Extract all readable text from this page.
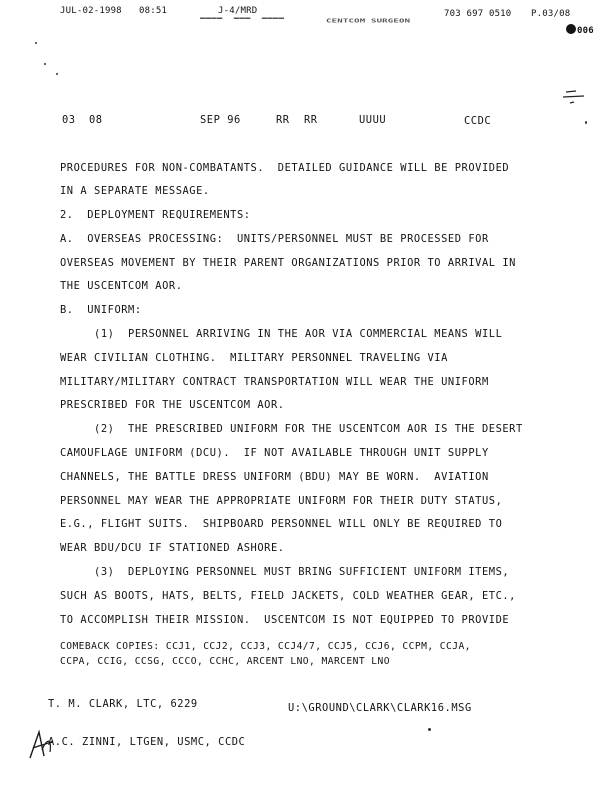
JUL-02-1998 08:51	J-4/MRD	703 697 0510 P.03/08
▬▬▬▬  ▬▬▬  ▬▬▬▬	CENTCOM SURGEON
006
03 08	SEP 96	RR RR	UUUU	CCDC
PROCEDURES FOR NON-COMBATANTS.  DETAILED GUIDANCE WILL BE PROVIDED
IN A SEPARATE MESSAGE.
2.  DEPLOYMENT REQUIREMENTS:
A.  OVERSEAS PROCESSING:  UNITS/PERSONNEL MUST BE PROCESSED FOR
OVERSEAS MOVEMENT BY THEIR PARENT ORGANIZATIONS PRIOR TO ARRIVAL IN
THE USCENTCOM AOR.
B.  UNIFORM:
(1)  PERSONNEL ARRIVING IN THE AOR VIA COMMERCIAL MEANS WILL
WEAR CIVILIAN CLOTHING.  MILITARY PERSONNEL TRAVELING VIA
MILITARY/MILITARY CONTRACT TRANSPORTATION WILL WEAR THE UNIFORM
PRESCRIBED FOR THE USCENTCOM AOR.
(2)  THE PRESCRIBED UNIFORM FOR THE USCENTCOM AOR IS THE DESERT
CAMOUFLAGE UNIFORM (DCU).  IF NOT AVAILABLE THROUGH UNIT SUPPLY
CHANNELS, THE BATTLE DRESS UNIFORM (BDU) MAY BE WORN.  AVIATION
PERSONNEL MAY WEAR THE APPROPRIATE UNIFORM FOR THEIR DUTY STATUS,
E.G., FLIGHT SUITS.  SHIPBOARD PERSONNEL WILL ONLY BE REQUIRED TO
WEAR BDU/DCU IF STATIONED ASHORE.
(3)  DEPLOYING PERSONNEL MUST BRING SUFFICIENT UNIFORM ITEMS,
SUCH AS BOOTS, HATS, BELTS, FIELD JACKETS, COLD WEATHER GEAR, ETC.,
TO ACCOMPLISH THEIR MISSION.  USCENTCOM IS NOT EQUIPPED TO PROVIDE
COMEBACK COPIES: CCJ1, CCJ2, CCJ3, CCJ4/7, CCJ5, CCJ6, CCPM, CCJA,
CCPA, CCIG, CCSG, CCCO, CCHC, ARCENT LNO, MARCENT LNO
T. M. CLARK, LTC, 6229	U:\GROUND\CLARK\CLARK16.MSG
A.C. ZINNI, LTGEN, USMC, CCDC
